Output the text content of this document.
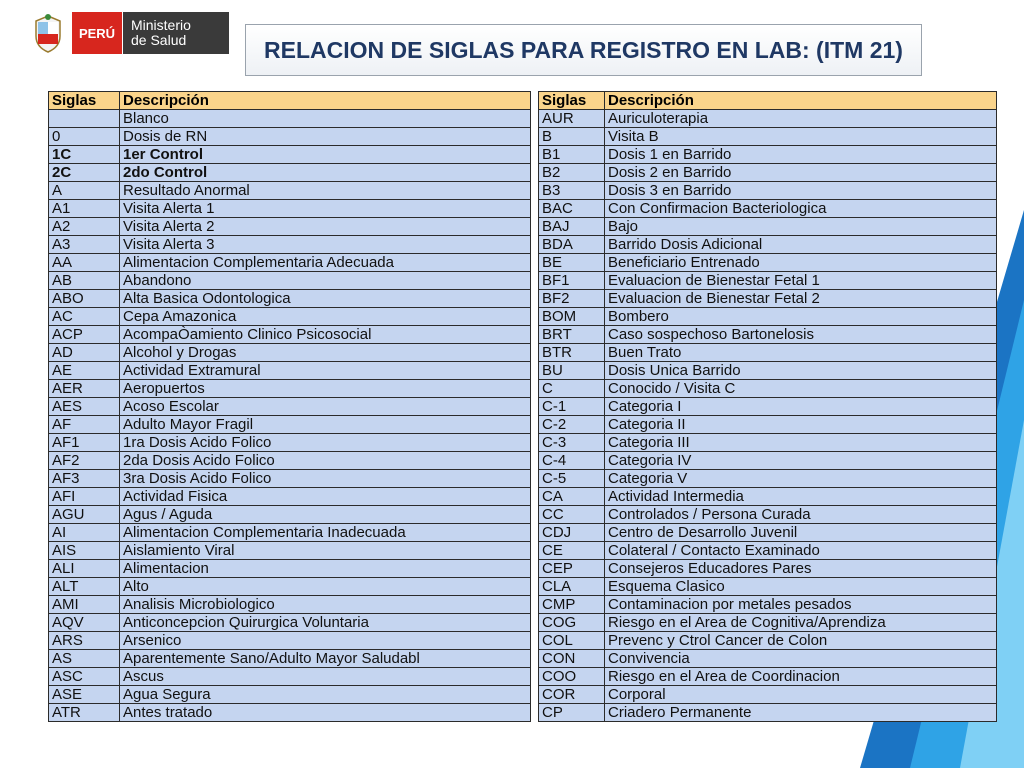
PERÚ	Ministerio
de Salud	RELACION DE SIGLAS PARA REGISTRO EN LAB: (ITM 21)
Siglas	Descripción
	Blanco
0	Dosis de RN
1C	1er Control
2C	2do Control
A	Resultado Anormal
A1	Visita Alerta 1
A2	Visita Alerta 2
A3	Visita Alerta 3
AA	Alimentacion Complementaria Adecuada
AB	Abandono
ABO	Alta Basica Odontologica
AC	Cepa Amazonica
ACP	AcompaÒamiento Clinico Psicosocial
AD	Alcohol y Drogas
AE	Actividad Extramural
AER	Aeropuertos
AES	Acoso Escolar
AF	Adulto Mayor Fragil
AF1	1ra Dosis Acido Folico
AF2	2da Dosis Acido Folico
AF3	3ra Dosis Acido Folico
AFI	Actividad Fisica
AGU	Agus / Aguda
AI	Alimentacion Complementaria Inadecuada
AIS	Aislamiento Viral
ALI	Alimentacion
ALT	Alto
AMI	Analisis Microbiologico
AQV	Anticoncepcion Quirurgica Voluntaria
ARS	Arsenico
AS	Aparentemente Sano/Adulto Mayor Saludabl
ASC	Ascus
ASE	Agua Segura
ATR	Antes tratado
Siglas	Descripción
AUR	Auriculoterapia
B	Visita B
B1	Dosis 1 en Barrido
B2	Dosis 2 en Barrido
B3	Dosis 3 en Barrido
BAC	Con Confirmacion Bacteriologica
BAJ	Bajo
BDA	Barrido Dosis Adicional
BE	Beneficiario Entrenado
BF1	Evaluacion de Bienestar Fetal 1
BF2	Evaluacion de Bienestar Fetal 2
BOM	Bombero
BRT	Caso sospechoso Bartonelosis
BTR	Buen Trato
BU	Dosis Unica Barrido
C	Conocido / Visita C
C-1	Categoria I
C-2	Categoria II
C-3	Categoria III
C-4	Categoria IV
C-5	Categoria V
CA	Actividad Intermedia
CC	Controlados / Persona Curada
CDJ	Centro de Desarrollo Juvenil
CE	Colateral / Contacto Examinado
CEP	Consejeros Educadores Pares
CLA	Esquema Clasico
CMP	Contaminacion por metales pesados
COG	Riesgo en el Area de Cognitiva/Aprendiza
COL	Prevenc y Ctrol Cancer de Colon
CON	Convivencia
COO	Riesgo en el Area de Coordinacion
COR	Corporal
CP	Criadero Permanente
